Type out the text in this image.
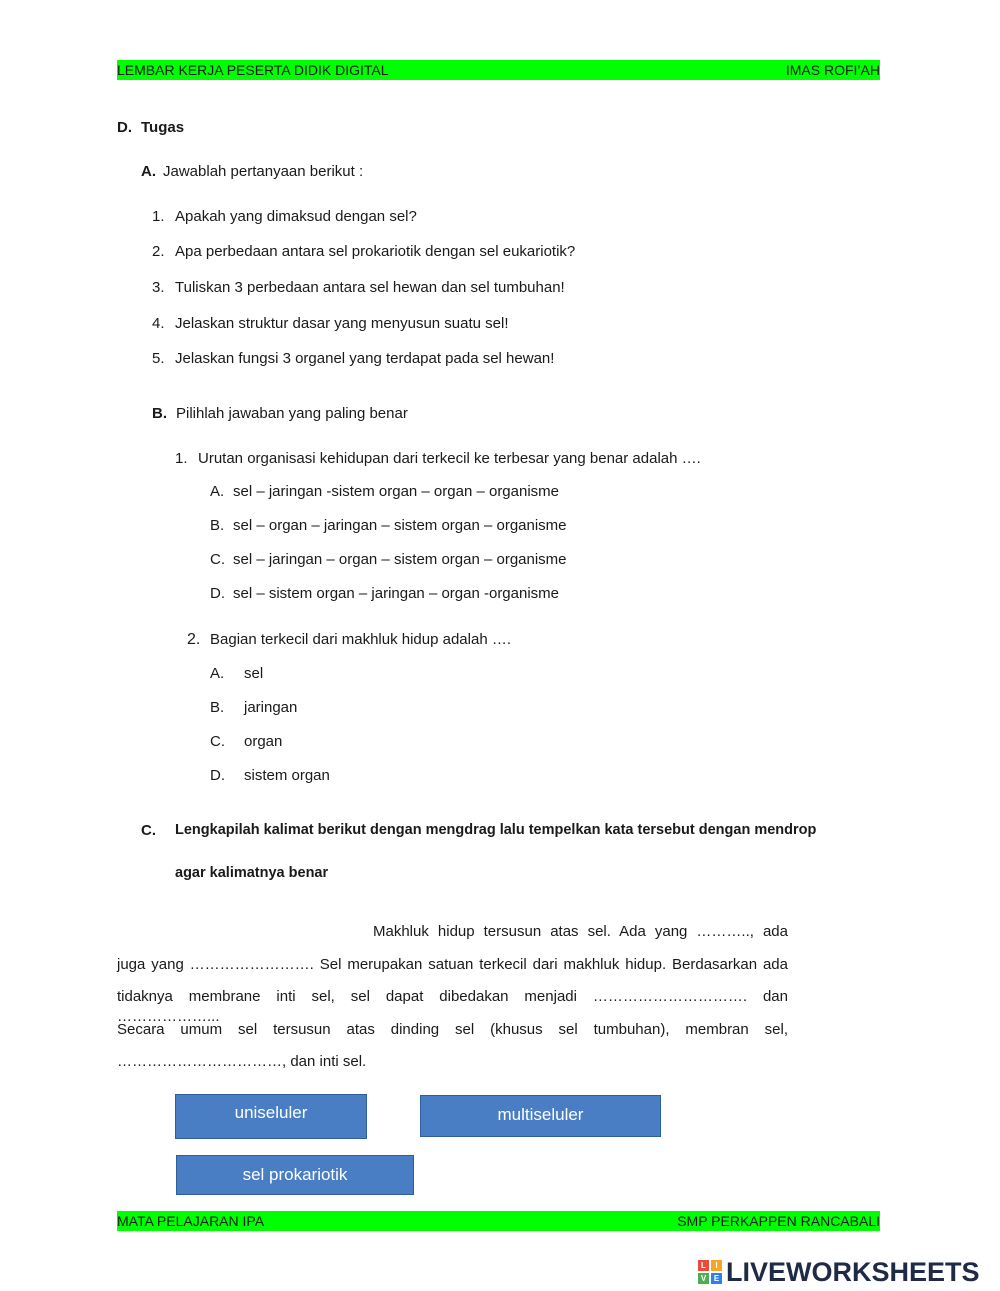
LEMBAR KERJA PESERTA DIDIK DIGITAL	IMAS ROFI’AH
D. Tugas
A. Jawablah pertanyaan berikut :
1. Apakah yang dimaksud dengan sel?
2. Apa perbedaan antara sel prokariotik dengan sel eukariotik?
3. Tuliskan 3 perbedaan antara sel hewan dan sel tumbuhan!
4. Jelaskan struktur dasar yang menyusun suatu sel!
5. Jelaskan fungsi 3 organel yang terdapat pada sel hewan!
B. Pilihlah jawaban yang paling benar
1. Urutan organisasi kehidupan dari terkecil ke terbesar yang benar adalah ….
A. sel – jaringan -sistem organ – organ – organisme
B. sel – organ – jaringan – sistem organ – organisme
C. sel – jaringan – organ – sistem organ – organisme
D. sel – sistem organ – jaringan – organ -organisme
2. Bagian terkecil dari makhluk hidup adalah ….
A. sel
B. jaringan
C. organ
D. sistem organ
C. Lengkapilah kalimat berikut dengan mengdrag lalu tempelkan kata tersebut dengan mendrop
agar kalimatnya benar
Makhluk hidup tersusun atas sel. Ada yang ……….., ada
juga yang ……………………. Sel merupakan satuan terkecil dari makhluk hidup. Berdasarkan ada
tidaknya membrane inti sel, sel dapat dibedakan menjadi …………………………. dan ………………...
Secara umum sel tersusun atas dinding sel (khusus sel tumbuhan), membran sel,
……………………………, dan inti sel.
uniseluler	multiseluler
sel prokariotik
MATA PELAJARAN IPA	SMP PERKAPPEN RANCABALI
L	I
V E LIVEWORKSHEETS
